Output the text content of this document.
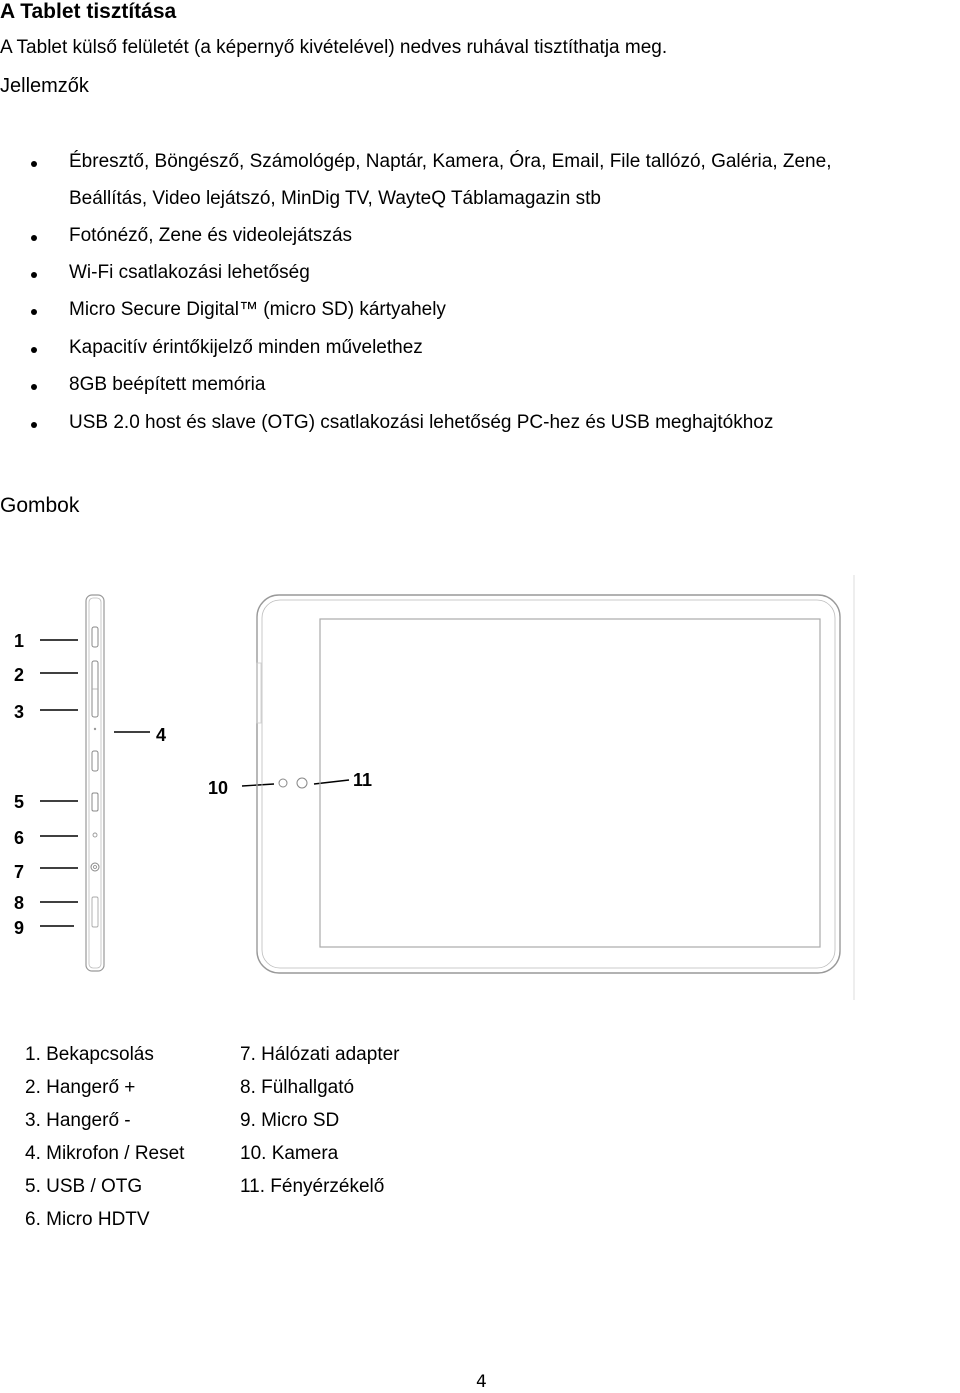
A Tablet tisztítása
A Tablet külső felületét (a képernyő kivételével) nedves ruhával tisztíthatja meg.
Jellemzők
Ébresztő, Böngésző, Számológép, Naptár, Kamera, Óra, Email, File tallózó, Galéria, Zene,
Beállítás, Video lejátszó, MinDig TV, WayteQ Táblamagazin stb
Fotónéző, Zene és videolejátszás
Wi-Fi csatlakozási lehetőség
Micro Secure Digital™ (micro SD) kártyahely
Kapacitív érintőkijelző minden művelethez
8GB beépített memória
USB 2.0 host és slave (OTG) csatlakozási lehetőség PC-hez és USB meghajtókhoz
Gombok
1
2
3
4
5
6
7
8
9
10	11
1. Bekapcsolás
2. Hangerő +
3. Hangerő -
4. Mikrofon / Reset
5. USB / OTG
6. Micro HDTV
7. Hálózati adapter
8. Fülhallgató
9. Micro SD
10. Kamera
11. Fényérzékelő
4
